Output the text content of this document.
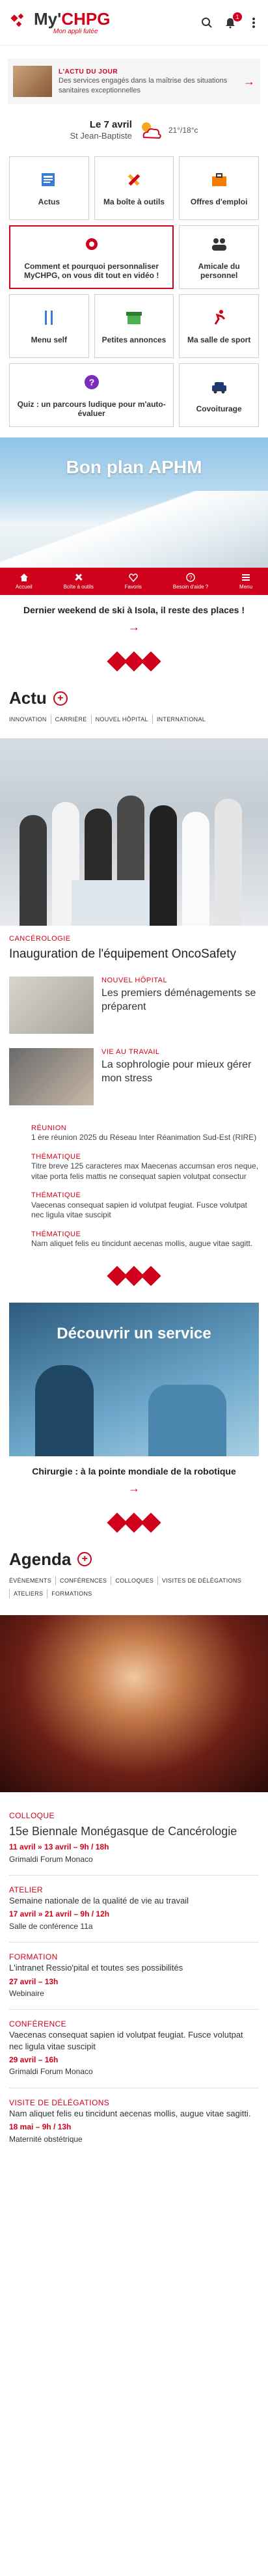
My'CHPG
Mon appli futée
1
L'ACTU DU JOUR
Des services engagés dans la maîtrise des situations sanitaires exceptionnelles
→
Le 7 avril
St Jean-Baptiste
21°/18°c
Actus	Ma boîte à outils	Offres d'emploi
Comment et pourquoi personnaliser MyCHPG, on vous dit tout en vidéo !
Amicale du personnel
Menu self	Petites annonces	Ma salle de sport
?
Quiz : un parcours ludique pour m'auto-évaluer	Covoiturage
Bon plan APHM
Accueil	Boîte à outils	Favoris
?
Besoin d'aide ?	Menu
Dernier weekend de ski à Isola, il reste des places !
→
Actu	+
INNOVATION	CARRIÈRE	NOUVEL HÔPITAL	INTERNATIONAL
CANCÉROLOGIE
Inauguration de l'équipement OncoSafety
NOUVEL HÔPITAL
Les premiers déménagements se préparent
VIE AU TRAVAIL
La sophrologie pour mieux gérer mon stress
RÉUNION
1 ère réunion 2025 du Réseau Inter Réanimation Sud-Est (RIRE)
THÉMATIQUE
Titre breve 125 caracteres max Maecenas accumsan eros neque, vitae porta felis mattis ne consequat sapien volutpat consectur
THÉMATIQUE
Vaecenas consequat sapien id volutpat feugiat. Fusce volutpat nec ligula vitae suscipit
THÉMATIQUE
Nam aliquet felis eu tincidunt aecenas mollis, augue vitae sagitt.
Découvrir un service
Chirurgie : à la pointe mondiale de la robotique
→
Agenda	+
ÉVÈNEMENTS	CONFÉRENCES	COLLOQUES	VISITES DE DÉLÉGATIONS
ATELIERS	FORMATIONS
COLLOQUE
15e Biennale Monégasque de Cancérologie
11 avril » 13 avril – 9h / 18h
Grimaldi Forum Monaco
ATELIER
Semaine nationale de la qualité de vie au travail
17 avril » 21 avril – 9h / 12h
Salle de conférence 11a
FORMATION
L'intranet Ressio'pital et toutes ses possibilités
27 avril – 13h
Webinaire
CONFÉRENCE
Vaecenas consequat sapien id volutpat feugiat. Fusce volutpat nec ligula vitae suscipit
29 avril – 16h
Grimaldi Forum Monaco
VISITE DE DÉLÉGATIONS
Nam aliquet felis eu tincidunt aecenas mollis, augue vitae sagitti.
18 mai – 9h / 13h
Maternité obstétrique
